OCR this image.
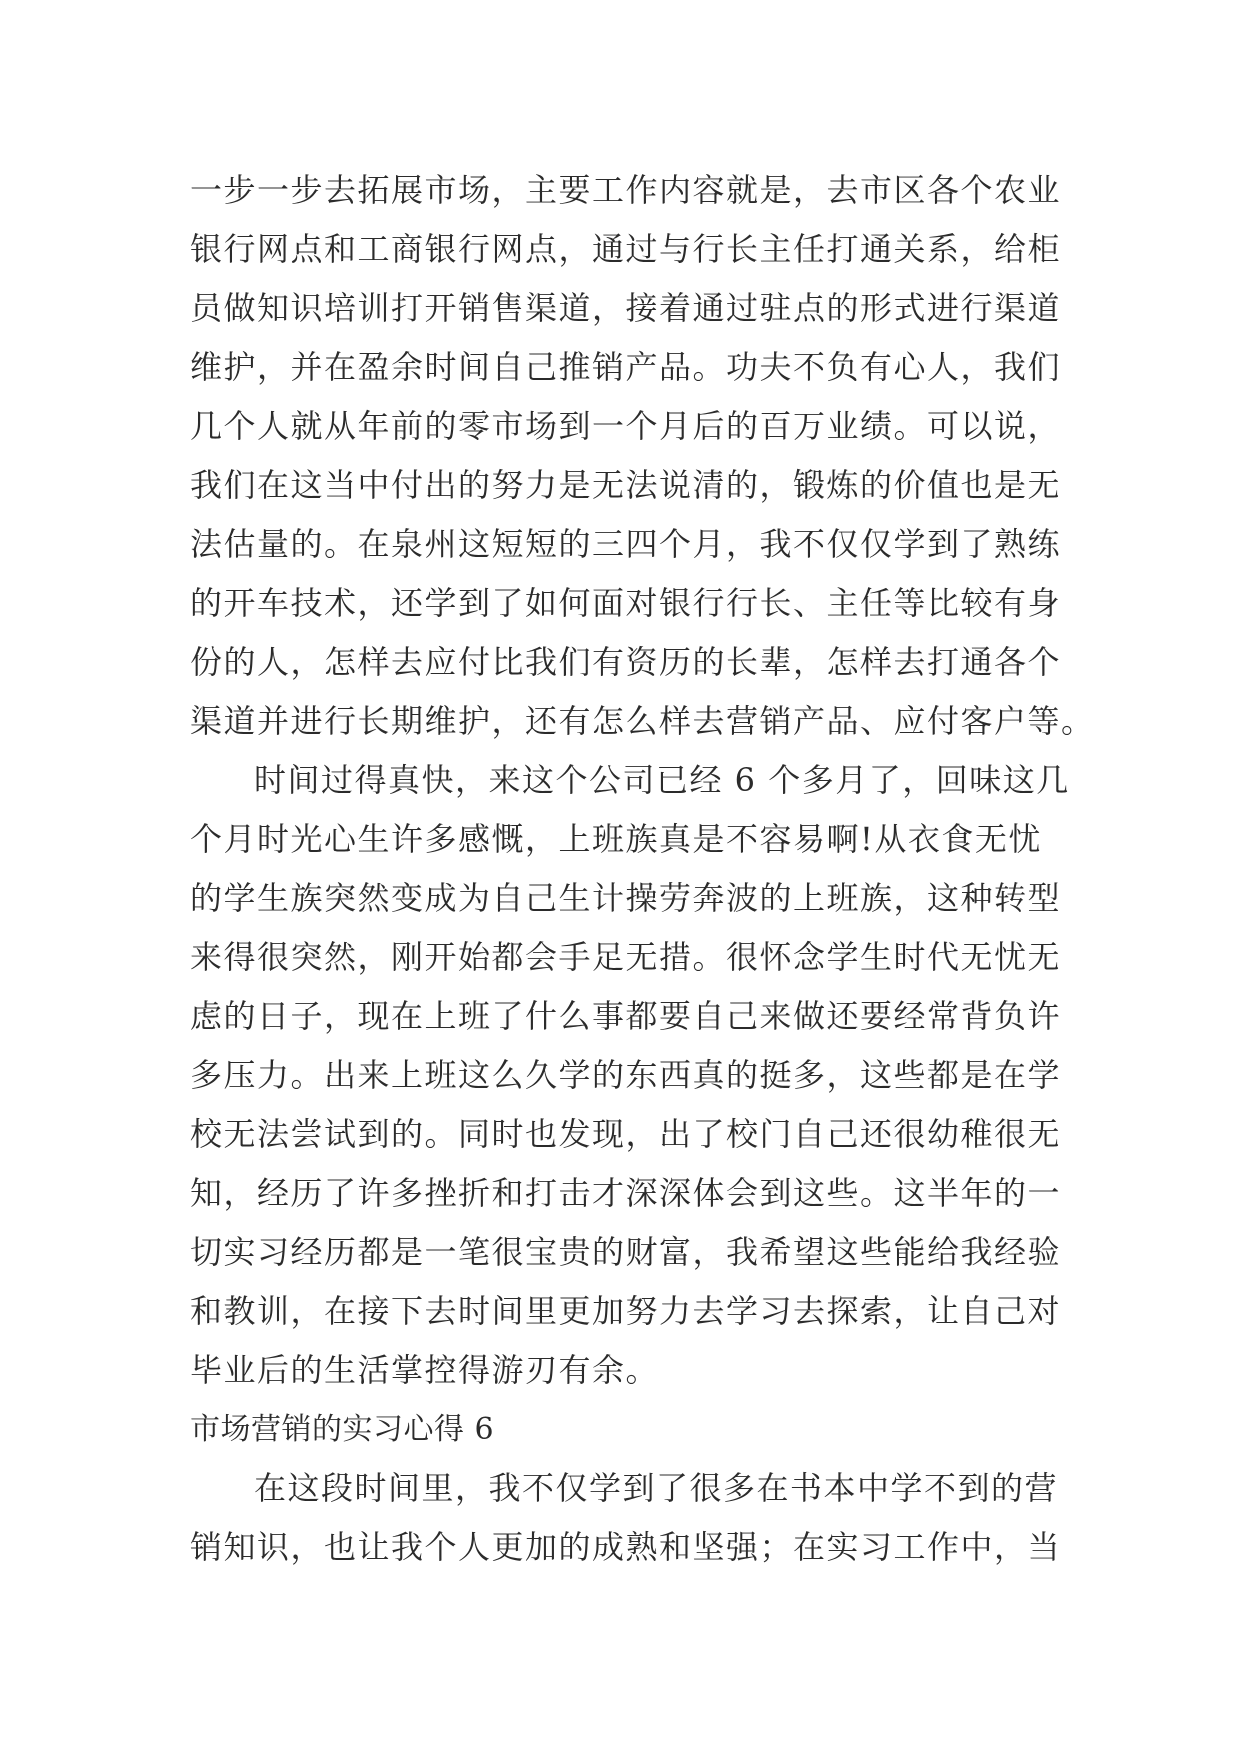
一步一步去拓展市场，主要工作内容就是，去市区各个农业
银行网点和工商银行网点，通过与行长主任打通关系，给柜
员做知识培训打开销售渠道，接着通过驻点的形式进行渠道
维护，并在盈余时间自己推销产品。功夫不负有心人，我们
几个人就从年前的零市场到一个月后的百万业绩。可以说，
我们在这当中付出的努力是无法说清的，锻炼的价值也是无
法估量的。在泉州这短短的三四个月，我不仅仅学到了熟练
的开车技术，还学到了如何面对银行行长、主任等比较有身
份的人，怎样去应付比我们有资历的长辈，怎样去打通各个
渠道并进行长期维护，还有怎么样去营销产品、应付客户等。
时间过得真快，来这个公司已经 6 个多月了，回味这几
个月时光心生许多感慨，上班族真是不容易啊!从衣食无忧
的学生族突然变成为自己生计操劳奔波的上班族，这种转型
来得很突然，刚开始都会手足无措。很怀念学生时代无忧无
虑的日子，现在上班了什么事都要自己来做还要经常背负许
多压力。出来上班这么久学的东西真的挺多，这些都是在学
校无法尝试到的。同时也发现，出了校门自己还很幼稚很无
知，经历了许多挫折和打击才深深体会到这些。这半年的一
切实习经历都是一笔很宝贵的财富，我希望这些能给我经验
和教训，在接下去时间里更加努力去学习去探索，让自己对
毕业后的生活掌控得游刃有余。
市场营销的实习心得 6
在这段时间里，我不仅学到了很多在书本中学不到的营
销知识，也让我个人更加的成熟和坚强；在实习工作中，当
